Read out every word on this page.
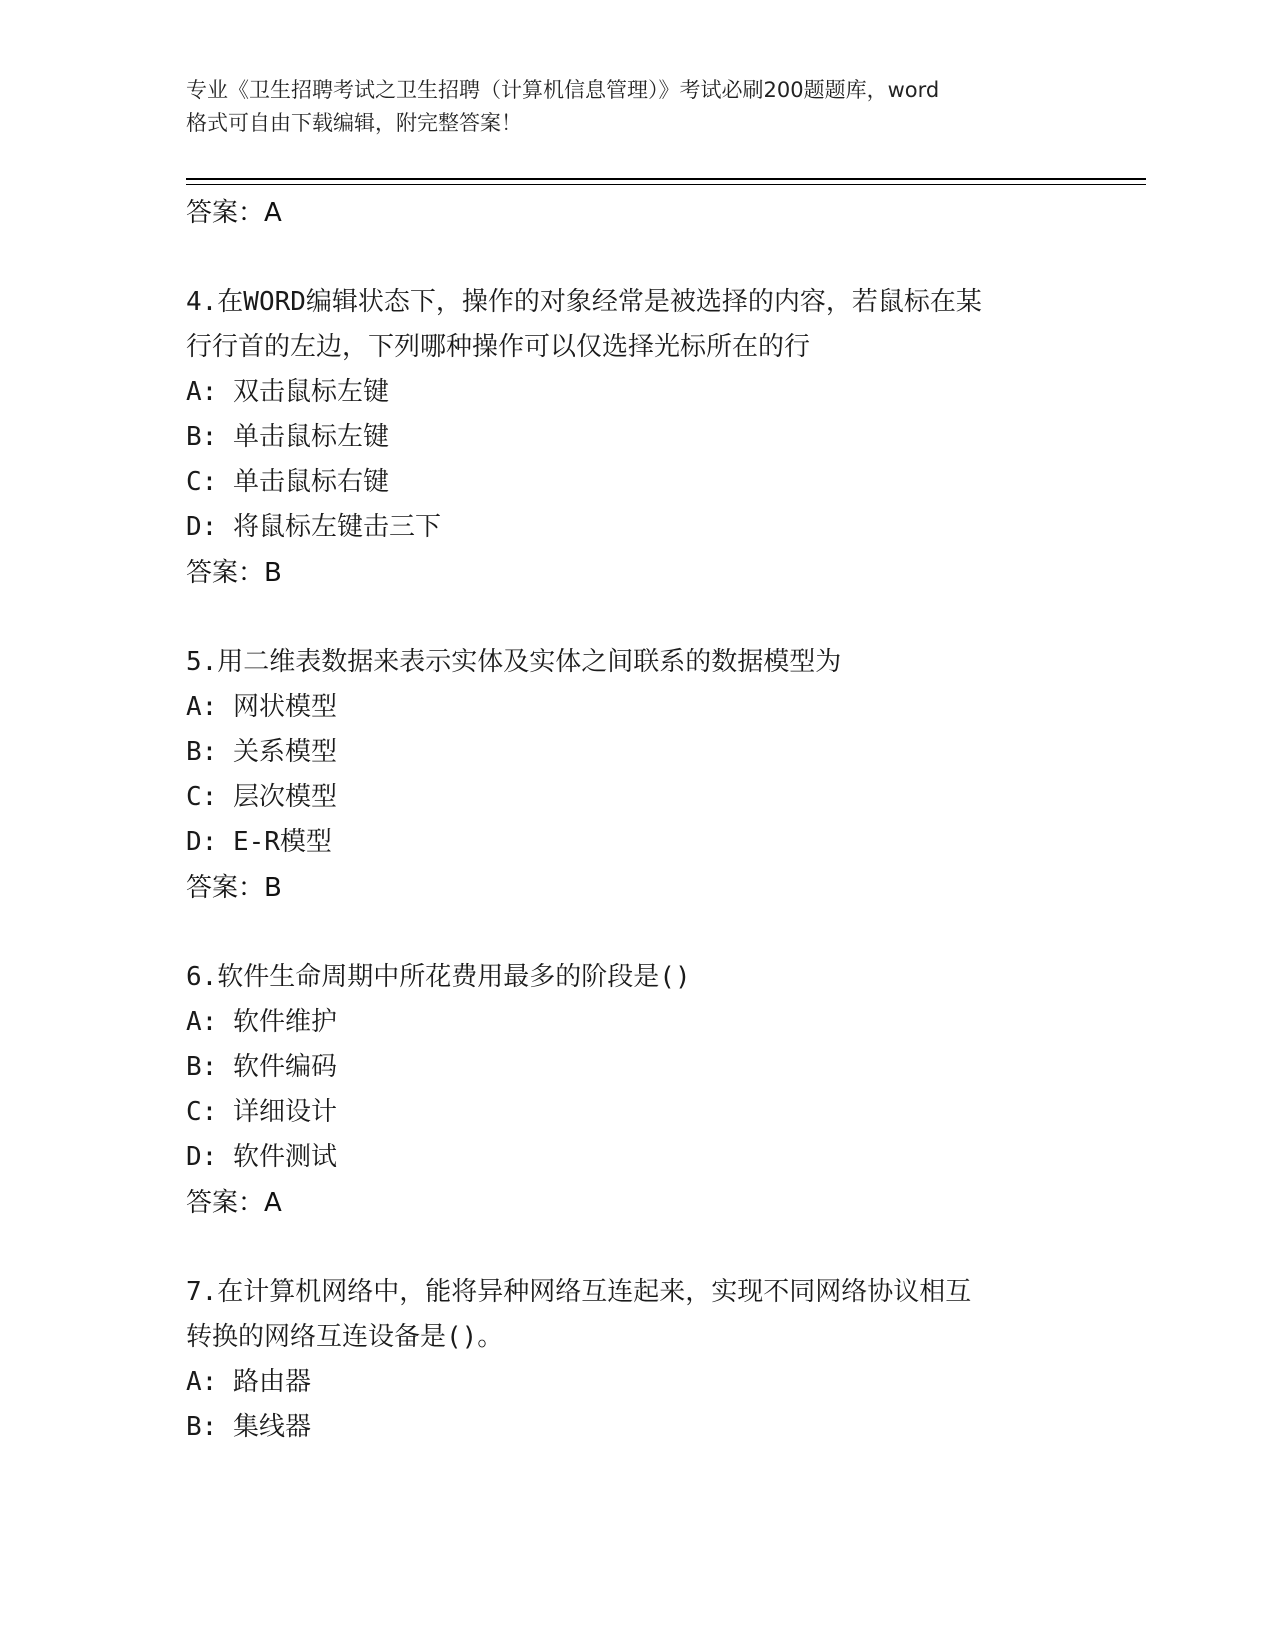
专业《卫生招聘考试之卫生招聘（计算机信息管理）》考试必刷200题题库，word
格式可自由下载编辑，附完整答案！

答案：A

4.在WORD编辑状态下，操作的对象经常是被选择的内容，若鼠标在某

行行首的左边，下列哪种操作可以仅选择光标所在的行

A: 双击鼠标左键

B: 单击鼠标左键

C: 单击鼠标右键

D: 将鼠标左键击三下

答案：B

5.用二维表数据来表示实体及实体之间联系的数据模型为

A: 网状模型

B: 关系模型

C: 层次模型

D: E-R模型

答案：B

6.软件生命周期中所花费用最多的阶段是()

A: 软件维护

B: 软件编码

C: 详细设计

D: 软件测试

答案：A

7.在计算机网络中，能将异种网络互连起来，实现不同网络协议相互

转换的网络互连设备是()。

A: 路由器

B: 集线器
